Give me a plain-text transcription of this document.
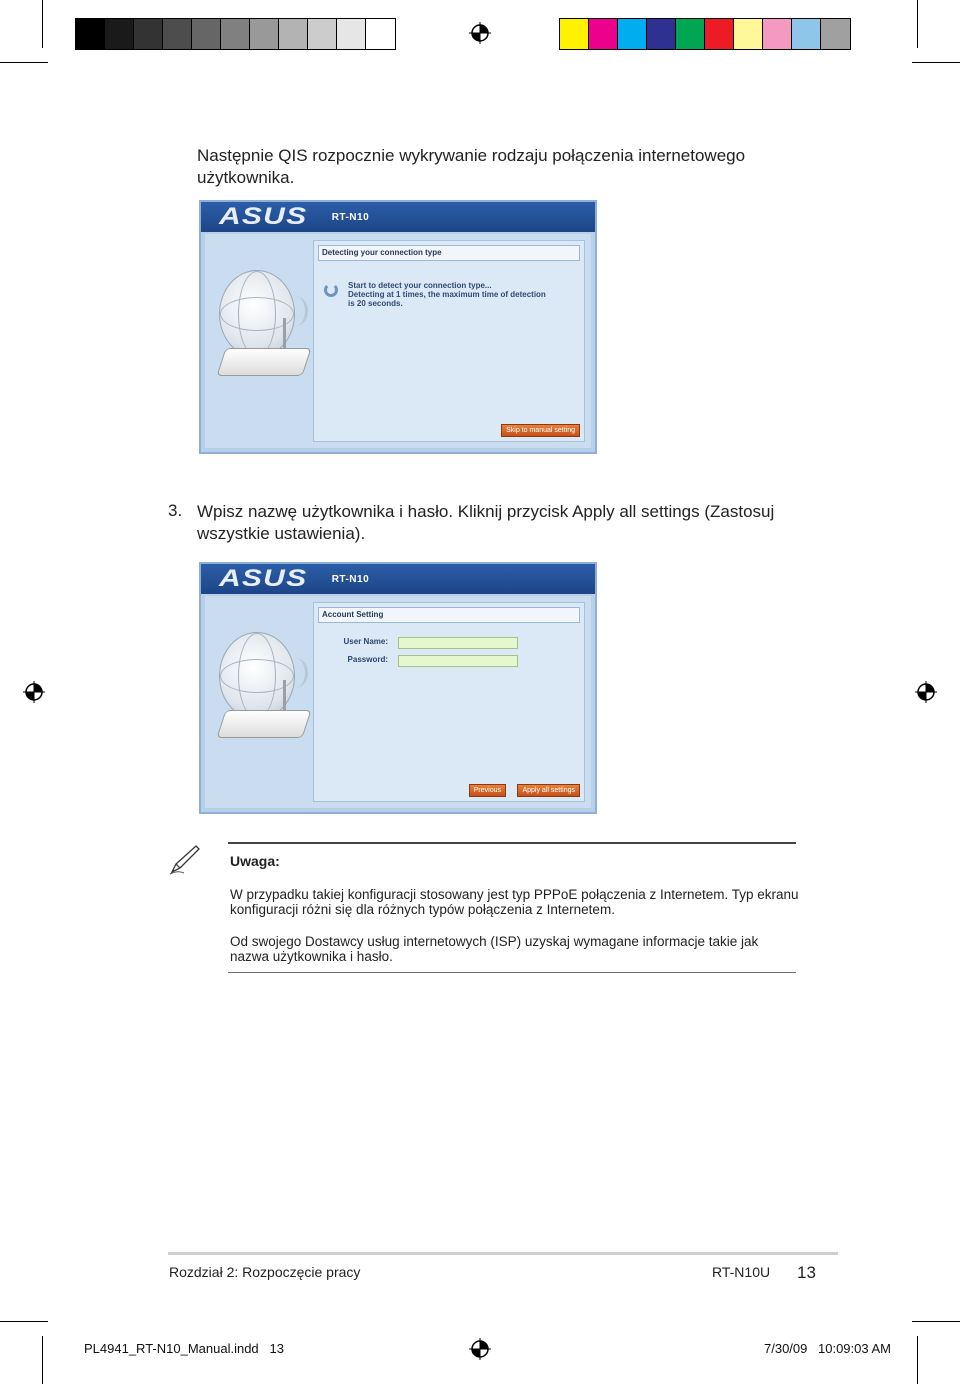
Następnie QIS rozpocznie wykrywanie rodzaju połączenia internetowego użytkownika.
ASUS RT-N10
Detecting your connection type
Start to detect your connection type...
Detecting at 1 times, the maximum time of detection
is 20 seconds.
Skip to manual setting
3. Wpisz nazwę użytkownika i hasło. Kliknij przycisk Apply all settings (Zastosuj wszystkie ustawienia).
ASUS RT-N10
Account Setting
User Name:
Password:
Previous	Apply all settings
Uwaga:
W przypadku takiej konfiguracji stosowany jest typ PPPoE połączenia z Internetem. Typ ekranu konfiguracji różni się dla różnych typów połączenia z Internetem.
Od swojego Dostawcy usług internetowych (ISP) uzyskaj wymagane informacje takie jak nazwa użytkownika i hasło.
Rozdział 2: Rozpoczęcie pracy	RT-N10U 13
PL4941_RT-N10_Manual.indd   13	7/30/09 10:09:03 AM
